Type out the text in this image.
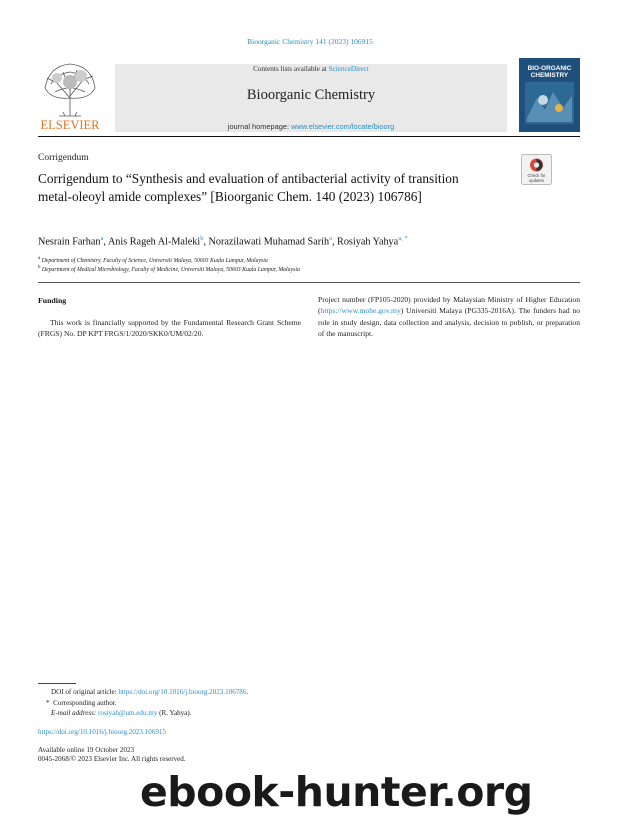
Bioorganic Chemistry 141 (2023) 106915
ELSEVIER
Contents lists available at ScienceDirect
Bioorganic Chemistry
journal homepage: www.elsevier.com/locate/bioorg
BIO-ORGANIC
CHEMISTRY
Corrigendum
Check for
updates
Corrigendum to “Synthesis and evaluation of antibacterial activity of transition metal-oleoyl amide complexes” [Bioorganic Chem. 140 (2023) 106786]
Nesrain Farhan$^a$, Anis Rageh Al-Maleki$^b$, Norazilawati Muhamad Sarih$^a$, Rosiyah Yahya$^{a, *}$
$^a$ Department of Chemistry, Faculty of Science, Universiti Malaya, 50603 Kuala Lumpur, Malaysia
$^b$ Department of Medical Microbiology, Faculty of Medicine, Universiti Malaya, 50603 Kuala Lumpur, Malaysia
Funding
This work is financially supported by the Fundamental Research Grant Scheme (FRGS) No. DP KPT FRGS/1/2020/SKK0/UM/02/20.
Project number (FP105-2020) provided by Malaysian Ministry of Higher Education (https://www.mohe.gov.my) Universiti Malaya (PG335-2016A). The funders had no role in study design, data collection and analysis, decision to publish, or preparation of the manuscript.
DOI of original article: https://doi.org/10.1016/j.bioorg.2023.106786.
* Corresponding author.
E-mail address: rosiyah@um.edu.my (R. Yahya).
https://doi.org/10.1016/j.bioorg.2023.106915
Available online 19 October 2023
0045-2068/© 2023 Elsevier Inc. All rights reserved.
ebook-hunter.org
